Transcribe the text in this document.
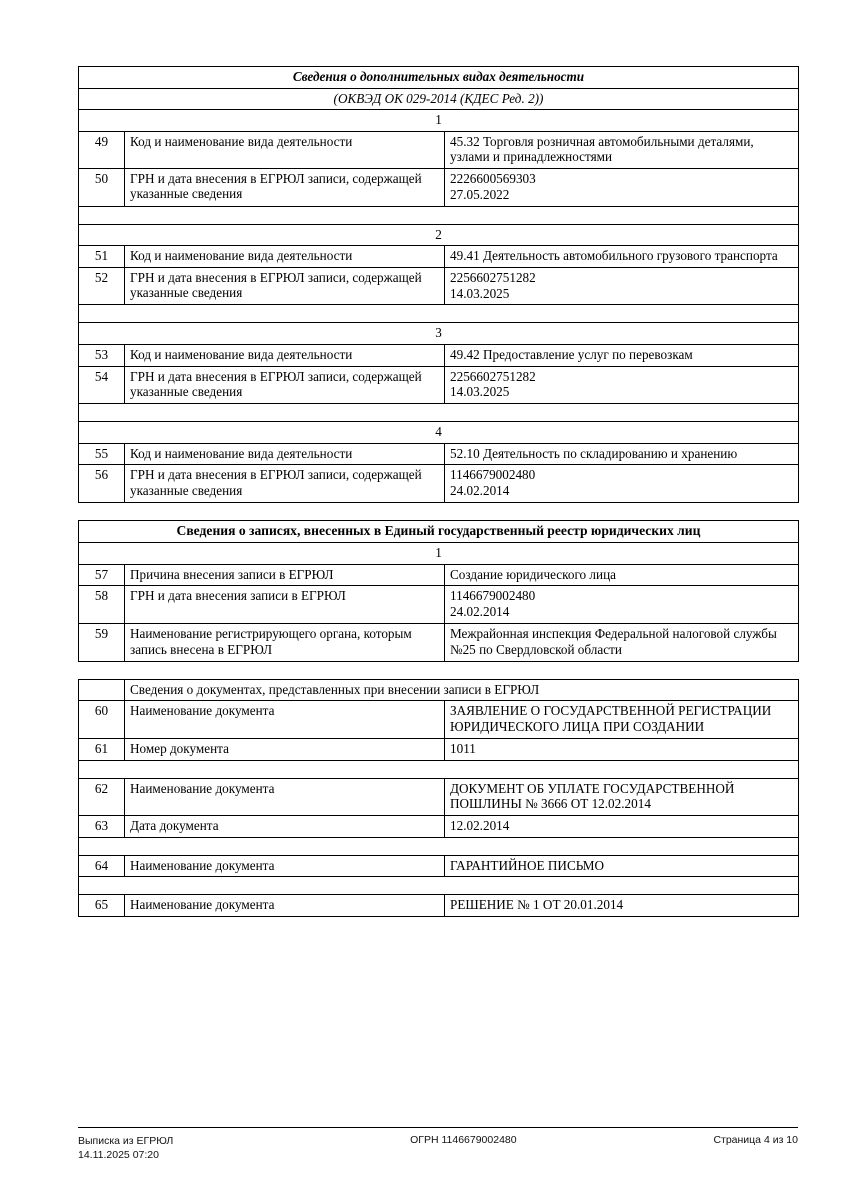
Сведения о дополнительных видах деятельности		
(ОКВЭД ОК 029-2014 (КДЕС Ред. 2))		
1		
49	Код и наименование вида деятельности	45.32 Торговля розничная автомобильными деталями, узлами и принадлежностями
50	ГРН и дата внесения в ЕГРЮЛ записи, содержащей указанные сведения	2226600569303
27.05.2022

2		
51	Код и наименование вида деятельности	49.41 Деятельность автомобильного грузового транспорта
52	ГРН и дата внесения в ЕГРЮЛ записи, содержащей указанные сведения	2256602751282
14.03.2025

3		
53	Код и наименование вида деятельности	49.42 Предоставление услуг по перевозкам
54	ГРН и дата внесения в ЕГРЮЛ записи, содержащей указанные сведения	2256602751282
14.03.2025

4		
55	Код и наименование вида деятельности	52.10 Деятельность по складированию и хранению
56	ГРН и дата внесения в ЕГРЮЛ записи, содержащей указанные сведения	1146679002480
24.02.2014

Сведения о записях, внесенных в Единый государственный реестр юридических лиц		
1		
57	Причина внесения записи в ЕГРЮЛ	Создание юридического лица
58	ГРН и дата внесения записи в ЕГРЮЛ	1146679002480
24.02.2014
59	Наименование регистрирующего органа, которым запись внесена в ЕГРЮЛ	Межрайонная инспекция Федеральной налоговой службы №25 по Свердловской области

	Сведения о документах, представленных при внесении записи в ЕГРЮЛ	
60	Наименование документа	ЗАЯВЛЕНИЕ О ГОСУДАРСТВЕННОЙ РЕГИСТРАЦИИ ЮРИДИЧЕСКОГО ЛИЦА ПРИ СОЗДАНИИ
61	Номер документа	1011

62	Наименование документа	ДОКУМЕНТ ОБ УПЛАТЕ ГОСУДАРСТВЕННОЙ ПОШЛИНЫ № 3666 ОТ 12.02.2014
63	Дата документа	12.02.2014

64	Наименование документа	ГАРАНТИЙНОЕ ПИСЬМО

65	Наименование документа	РЕШЕНИЕ № 1 ОТ 20.01.2014
Выписка из ЕГРЮЛ
14.11.2025 07:20
ОГРН 1146679002480	Страница 4 из 10
